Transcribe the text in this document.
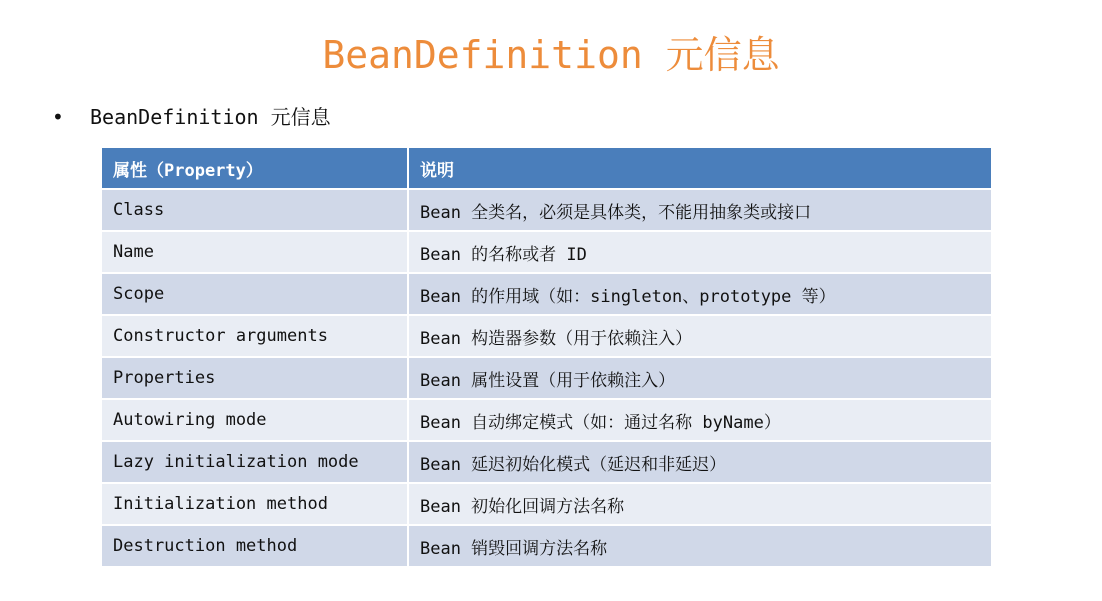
BeanDefinition 元信息
•	BeanDefinition 元信息
属性（Property）	说明
Class	Bean 全类名，必须是具体类，不能用抽象类或接口
Name	Bean 的名称或者 ID
Scope	Bean 的作用域（如：singleton、prototype 等）
Constructor arguments	Bean 构造器参数（用于依赖注入）
Properties	Bean 属性设置（用于依赖注入）
Autowiring mode	Bean 自动绑定模式（如：通过名称 byName）
Lazy initialization mode	Bean 延迟初始化模式（延迟和非延迟）
Initialization method	Bean 初始化回调方法名称
Destruction method	Bean 销毁回调方法名称
